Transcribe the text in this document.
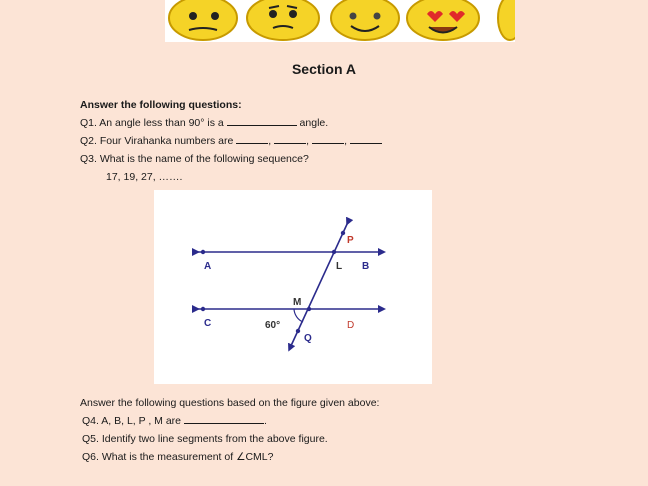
Section A
Answer the following questions:
Q1. An angle less than 90° is a	angle.
Q2. Four Virahanka numbers are	,	,	,
Q3. What is the name of the following sequence?
17, 19, 27, …….
A	L B
P
M
C	D
Q
60°
Answer the following questions based on the figure given above:
Q4. A, B, L, P , M are	.
Q5. Identify two line segments from the above figure.
Q6. What is the measurement of ∠CML?
